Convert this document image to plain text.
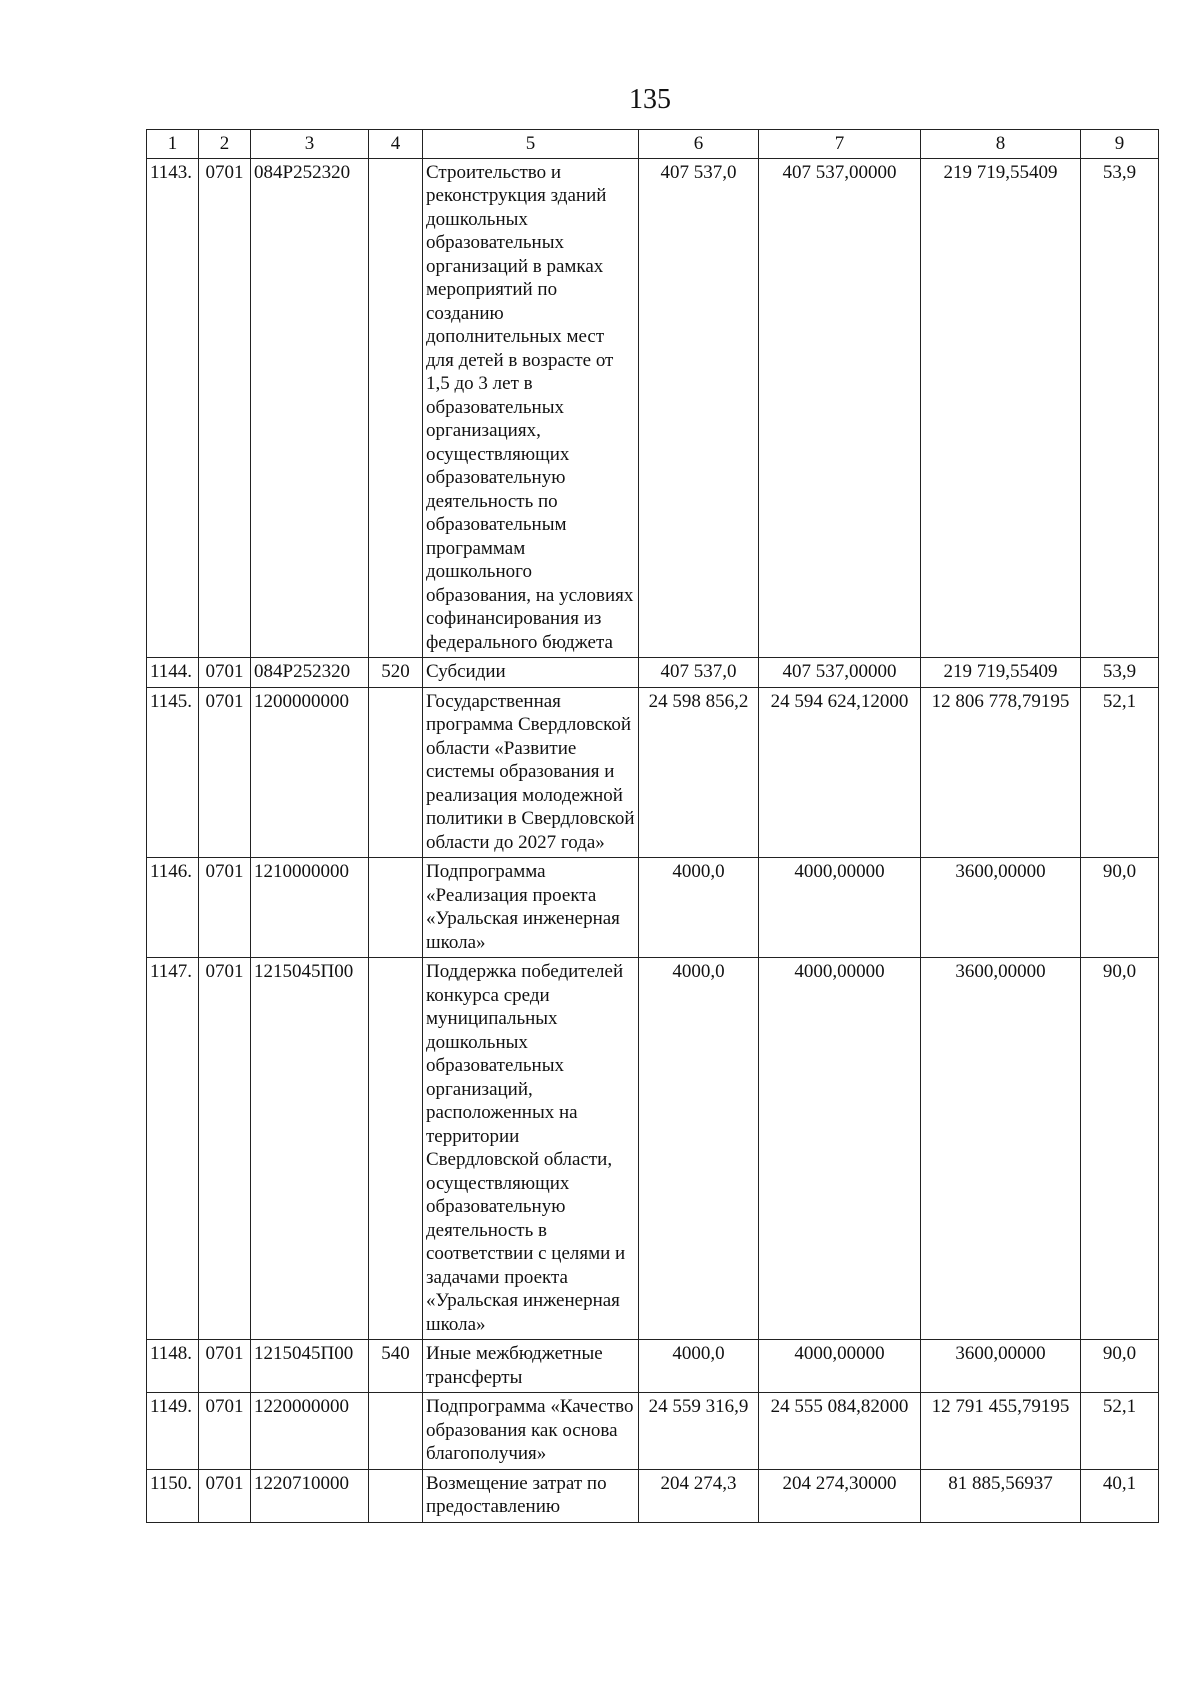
135
1	2	3	4	5	6	7	8	9
1143.	0701	084P252320		Строительство и реконструкция зданий дошкольных образовательных организаций в рамках мероприятий по созданию дополнительных мест для детей в возрасте от 1,5 до 3 лет в образовательных организациях, осуществляющих образовательную деятельность по образовательным программам дошкольного образования, на условиях софинансирования из федерального бюджета	407 537,0	407 537,00000	219 719,55409	53,9
1144.	0701	084P252320	520	Субсидии	407 537,0	407 537,00000	219 719,55409	53,9
1145.	0701	1200000000		Государственная программа Свердловской области «Развитие системы образования и реализация молодежной политики в Свердловской области до 2027 года»	24 598 856,2	24 594 624,12000	12 806 778,79195	52,1
1146.	0701	1210000000		Подпрограмма «Реализация проекта «Уральская инженерная школа»	4000,0	4000,00000	3600,00000	90,0
1147.	0701	1215045П00		Поддержка победителей конкурса среди муниципальных дошкольных образовательных организаций, расположенных на территории Свердловской области, осуществляющих образовательную деятельность в соответствии с целями и задачами проекта «Уральская инженерная школа»	4000,0	4000,00000	3600,00000	90,0
1148.	0701	1215045П00	540	Иные межбюджетные трансферты	4000,0	4000,00000	3600,00000	90,0
1149.	0701	1220000000		Подпрограмма «Качество образования как основа благополучия»	24 559 316,9	24 555 084,82000	12 791 455,79195	52,1
1150.	0701	1220710000		Возмещение затрат по предоставлению	204 274,3	204 274,30000	81 885,56937	40,1
